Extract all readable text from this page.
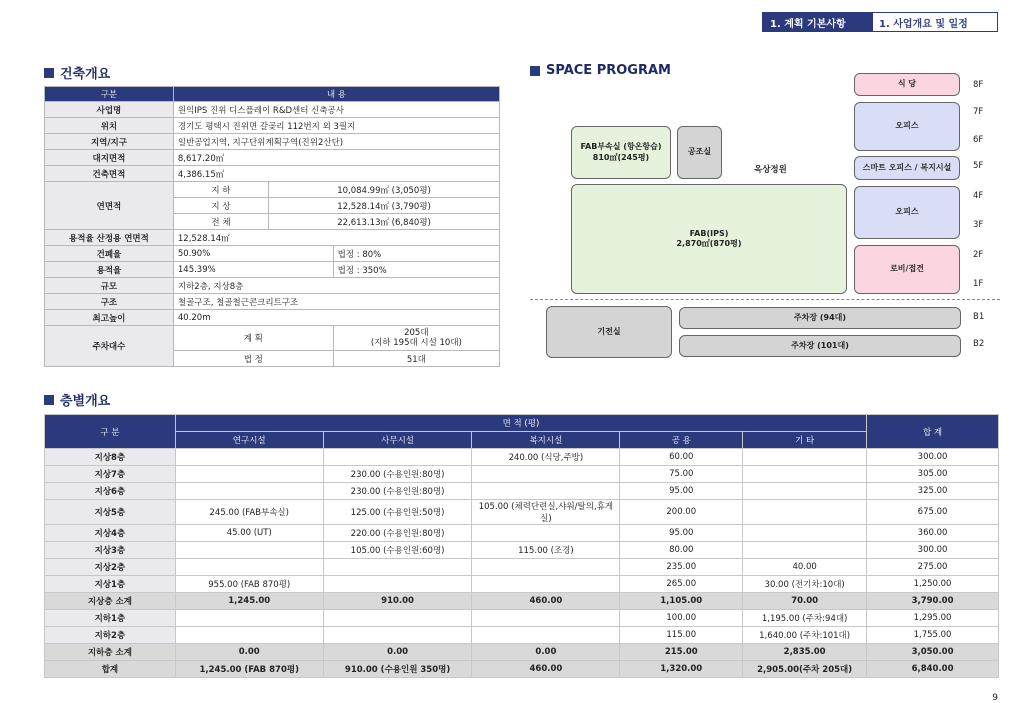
1. 계획 기본사항	1. 사업개요 및 일정
건축개요
구분	내 용		
사업명	원익IPS 진위 디스플레이 R&D센터 신축공사		
위치	경기도 평택시 진위면 갈곶리 112번지 외 3필지		
지역/지구	일반공업지역, 지구단위계획구역(진위2산단)		
대지면적	8,617.20㎡		
건축면적	4,386.15㎡		
연면적	지 하	10,084.99㎡ (3,050평)	
	지 상	12,528.14㎡ (3,790평)	
	전 체	22,613.13㎡ (6,840평)	
용적율 산정용 연면적	12,528.14㎡		
건폐율	50.90%		법정 : 80%
용적율	145.39%		법정 : 350%
규모	지하2층, 지상8층		
구조	철골구조, 철골철근콘크리트구조		
최고높이	40.20m		
주차대수	계 획		205대
(지하 195대 시설 10대)

	법 정		51대
SPACE PROGRAM
8F
7F
6F
5F
4F
3F
2F
1F
B1
B2
식 당
오피스
스마트 오피스 / 복지시설
오피스
로비/접견
FAB부속실 (항온항습)
810㎡(245평)
공조실
옥상정원
FAB(IPS)
2,870㎡(870평)
기전실
주차장 (94대)
주차장 (101대)
층별개요
구 분	면 적 (평)					합 계
	연구시설	사무시설	복지시설	공 용	기 타	
지상8층			240.00 (식당,주방)	60.00		300.00
지상7층		230.00 (수용인원:80명)		75.00		305.00
지상6층		230.00 (수용인원:80명)		95.00		325.00
지상5층	245.00 (FAB부속실)	125.00 (수용인원:50명)	105.00 (체력단련실,샤워/탈의,휴게실)	200.00		675.00
지상4층	45.00 (UT)	220.00 (수용인원:80명)		95.00		360.00
지상3층		105.00 (수용인원:60명)	115.00 (조경)	80.00		300.00
지상2층				235.00	40.00	275.00
지상1층	955.00 (FAB 870평)			265.00	30.00 (전기차:10대)	1,250.00
지상층 소계	1,245.00	910.00	460.00	1,105.00	70.00	3,790.00
지하1층				100.00	1,195.00 (주차:94대)	1,295.00
지하2층				115.00	1,640.00 (주차:101대)	1,755.00
지하층 소계	0.00	0.00	0.00	215.00	2,835.00	3,050.00
합계	1,245.00 (FAB 870평)	910.00 (수용인원 350명)	460.00	1,320.00	2,905.00(주차 205대)	6,840.00
9
